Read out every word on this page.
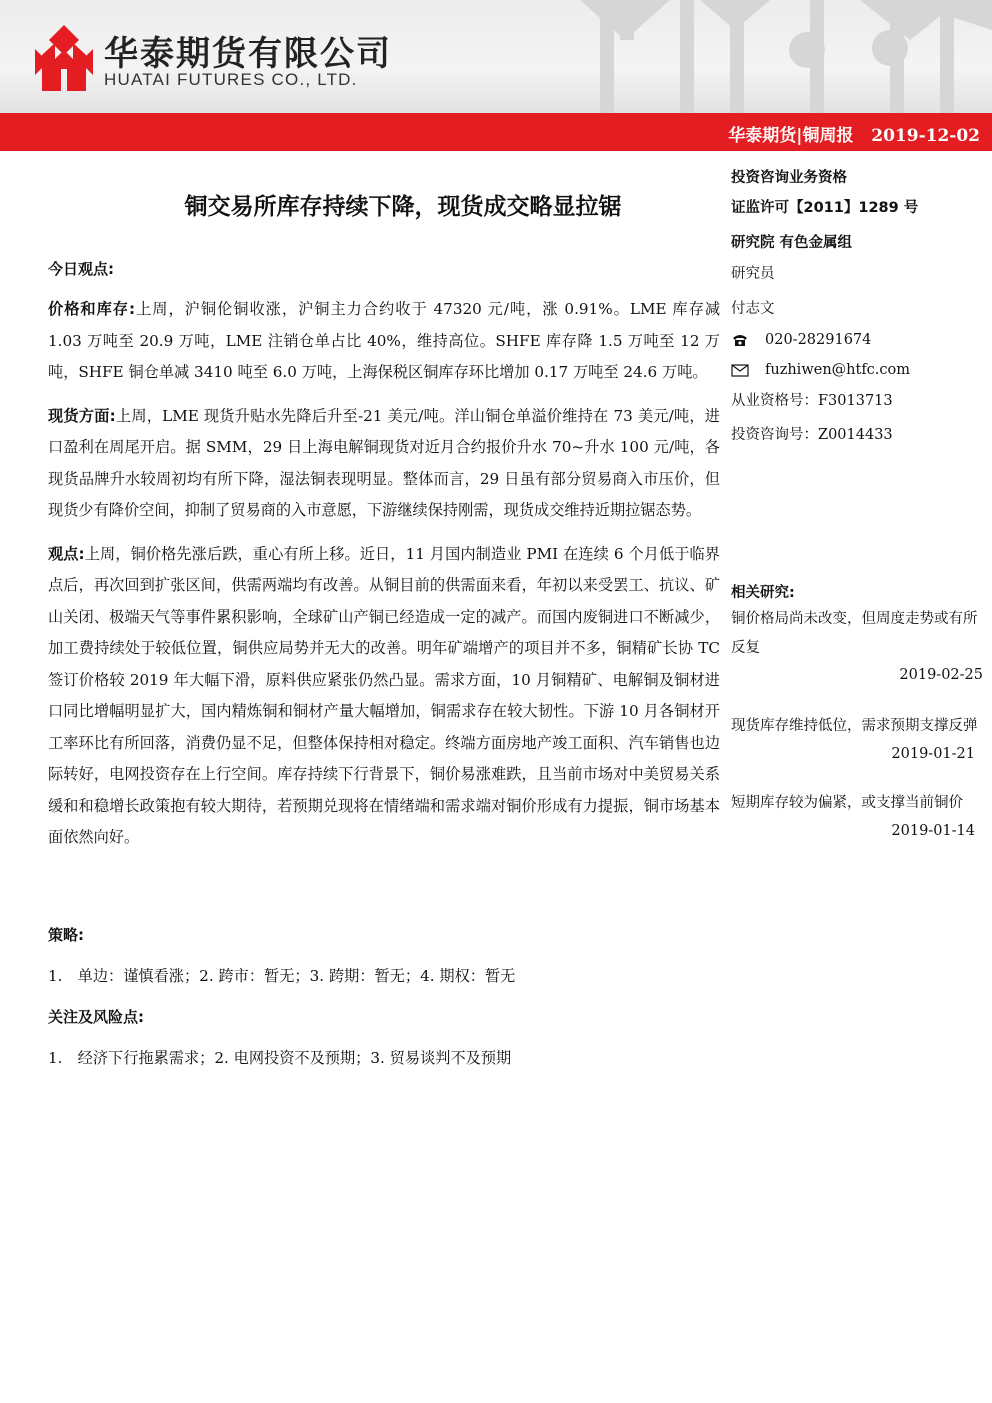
华泰期货有限公司
HUATAI FUTURES CO., LTD.
华泰期货|铜周报 2019-12-02
铜交易所库存持续下降，现货成交略显拉锯
今日观点:

价格和库存:上周，沪铜伦铜收涨，沪铜主力合约收于 47320 元/吨，涨 0.91%。LME 库存减 1.03 万吨至 20.9 万吨，LME 注销仓单占比 40%，维持高位。SHFE 库存降 1.5 万吨至 12 万吨，SHFE 铜仓单减 3410 吨至 6.0 万吨，上海保税区铜库存环比增加 0.17 万吨至 24.6 万吨。

现货方面:上周，LME 现货升贴水先降后升至-21 美元/吨。洋山铜仓单溢价维持在 73 美元/吨，进口盈利在周尾开启。据 SMM，29 日上海电解铜现货对近月合约报价升水 70~升水 100 元/吨，各现货品牌升水较周初均有所下降，湿法铜表现明显。整体而言，29 日虽有部分贸易商入市压价，但现货少有降价空间，抑制了贸易商的入市意愿，下游继续保持刚需，现货成交维持近期拉锯态势。

观点:上周，铜价格先涨后跌，重心有所上移。近日，11 月国内制造业 PMI 在连续 6 个月低于临界点后，再次回到扩张区间，供需两端均有改善。从铜目前的供需面来看，年初以来受罢工、抗议、矿山关闭、极端天气等事件累积影响，全球矿山产铜已经造成一定的减产。而国内废铜进口不断减少，加工费持续处于较低位置，铜供应局势并无大的改善。明年矿端增产的项目并不多，铜精矿长协 TC 签订价格较 2019 年大幅下滑，原料供应紧张仍然凸显。需求方面，10 月铜精矿、电解铜及铜材进口同比增幅明显扩大，国内精炼铜和铜材产量大幅增加，铜需求存在较大韧性。下游 10 月各铜材开工率环比有所回落，消费仍显不足，但整体保持相对稳定。终端方面房地产竣工面积、汽车销售也边际转好，电网投资存在上行空间。库存持续下行背景下，铜价易涨难跌，且当前市场对中美贸易关系缓和和稳增长政策抱有较大期待，若预期兑现将在情绪端和需求端对铜价形成有力提振，铜市场基本面依然向好。

策略:
1.　单边：谨慎看涨；2. 跨市：暂无；3. 跨期：暂无；4. 期权：暂无
关注及风险点:
1.　经济下行拖累需求；2. 电网投资不及预期；3. 贸易谈判不及预期
投资咨询业务资格
证监许可【2011】1289 号
研究院 有色金属组
研究员
付志文
020-28291674
fuzhiwen@htfc.com
从业资格号：F3013713
投资咨询号：Z0014433
相关研究:
铜价格局尚未改变，但周度走势或有所反复
2019-02-25
现货库存维持低位，需求预期支撑反弹
2019-01-21
短期库存较为偏紧，或支撑当前铜价
2019-01-14
